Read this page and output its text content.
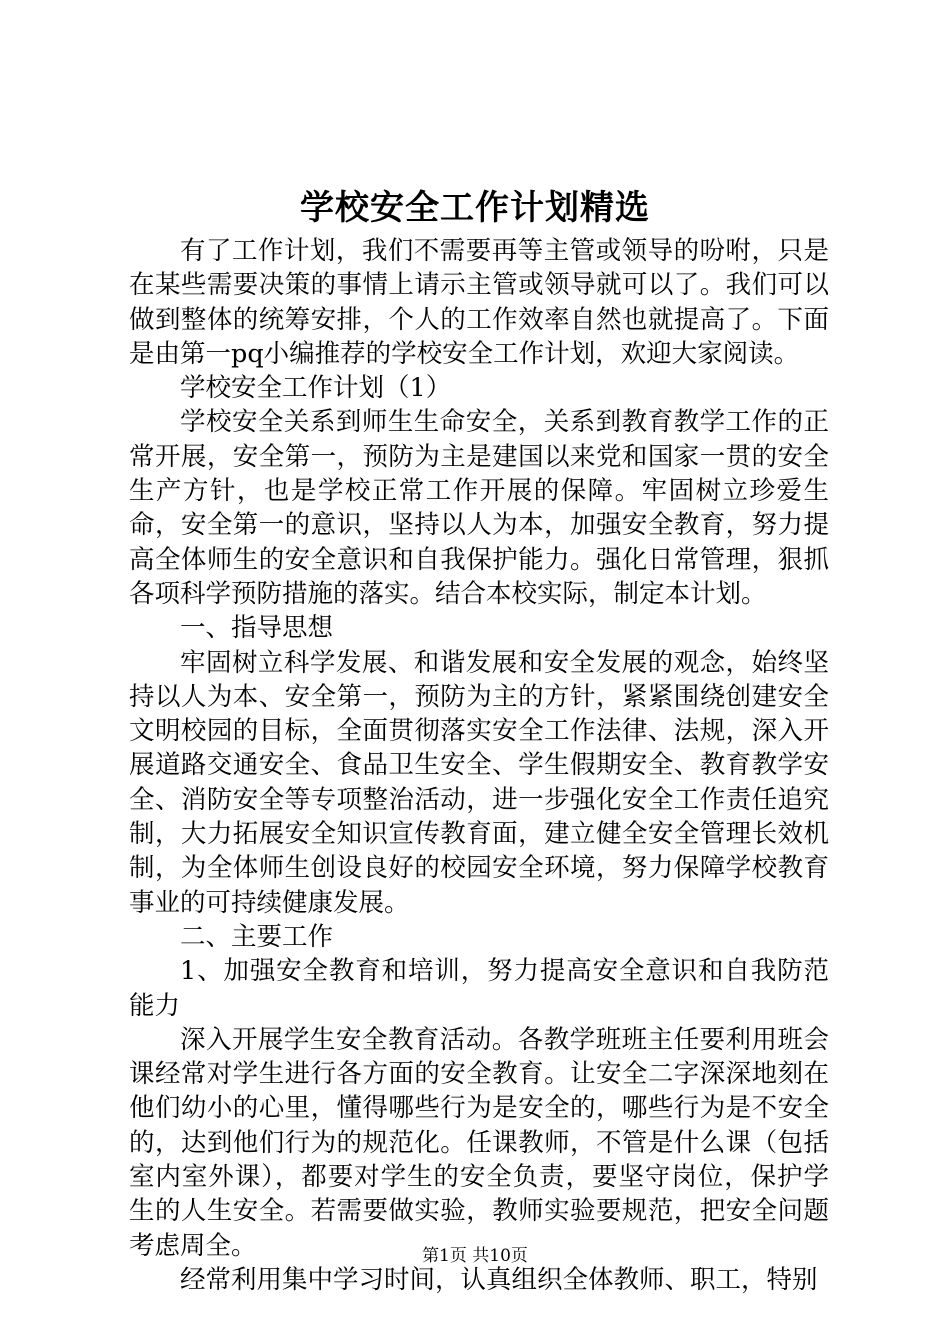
学校安全工作计划精选

有了工作计划，我们不需要再等主管或领导的吩咐，只是在某些需要决策的事情上请示主管或领导就可以了。我们可以做到整体的统筹安排，个人的工作效率自然也就提高了。下面是由第一pq小编推荐的学校安全工作计划，欢迎大家阅读。

学校安全工作计划（1）

学校安全关系到师生生命安全，关系到教育教学工作的正常开展，安全第一，预防为主是建国以来党和国家一贯的安全生产方针，也是学校正常工作开展的保障。牢固树立珍爱生命，安全第一的意识，坚持以人为本，加强安全教育，努力提高全体师生的安全意识和自我保护能力。强化日常管理，狠抓各项科学预防措施的落实。结合本校实际，制定本计划。

一、指导思想

牢固树立科学发展、和谐发展和安全发展的观念，始终坚持以人为本、安全第一，预防为主的方针，紧紧围绕创建安全文明校园的目标，全面贯彻落实安全工作法律、法规，深入开展道路交通安全、食品卫生安全、学生假期安全、教育教学安全、消防安全等专项整治活动，进一步强化安全工作责任追究制，大力拓展安全知识宣传教育面，建立健全安全管理长效机制，为全体师生创设良好的校园安全环境，努力保障学校教育事业的可持续健康发展。

二、主要工作

1、加强安全教育和培训，努力提高安全意识和自我防范能力

深入开展学生安全教育活动。各教学班班主任要利用班会课经常对学生进行各方面的安全教育。让安全二字深深地刻在他们幼小的心里，懂得哪些行为是安全的，哪些行为是不安全的，达到他们行为的规范化。任课教师，不管是什么课（包括室内室外课），都要对学生的安全负责，要坚守岗位，保护学生的人生安全。若需要做实验，教师实验要规范，把安全问题考虑周全。

经常利用集中学习时间，认真组织全体教师、职工，特别

第1页 共10页
